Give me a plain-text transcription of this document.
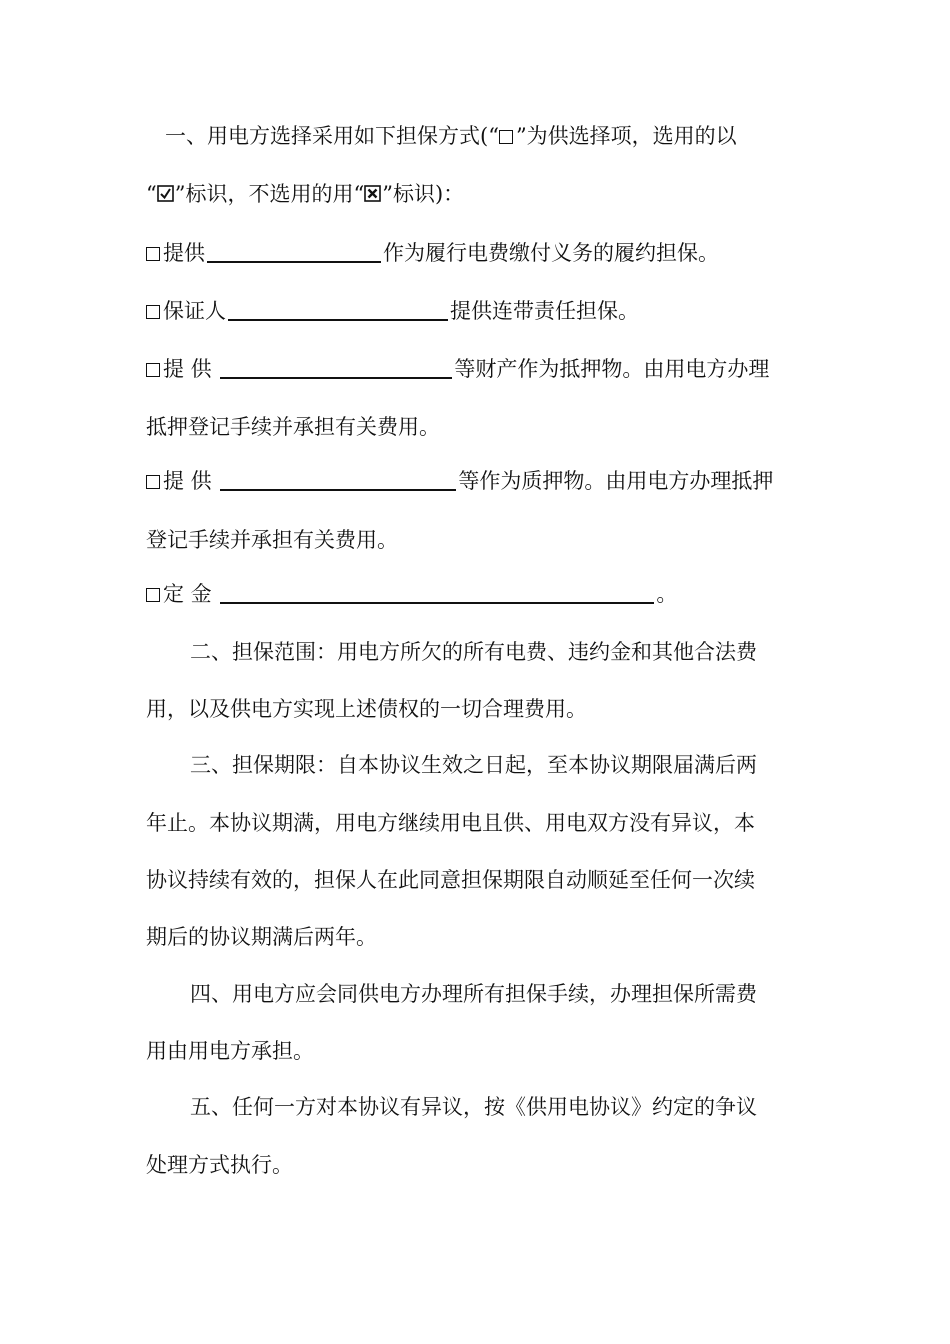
一、用电方选择采用如下担保方式(“ ”为供选择项，选用的以
“ ”标识，不选用的用“☒”标识)：
提供	作为履行电费缴付义务的履约担保。
保证人	提供连带责任担保。
提 供	等财产作为抵押物。由用电方办理
抵押登记手续并承担有关费用。
提 供	等作为质押物。由用电方办理抵押
登记手续并承担有关费用。
定 金	。
二、担保范围：用电方所欠的所有电费、违约金和其他合法费
用，以及供电方实现上述债权的一切合理费用。
三、担保期限：自本协议生效之日起，至本协议期限届满后两
年止。本协议期满，用电方继续用电且供、用电双方没有异议，本
协议持续有效的，担保人在此同意担保期限自动顺延至任何一次续
期后的协议期满后两年。
四、用电方应会同供电方办理所有担保手续，办理担保所需费
用由用电方承担。
五、任何一方对本协议有异议，按《供用电协议》约定的争议
处理方式执行。
